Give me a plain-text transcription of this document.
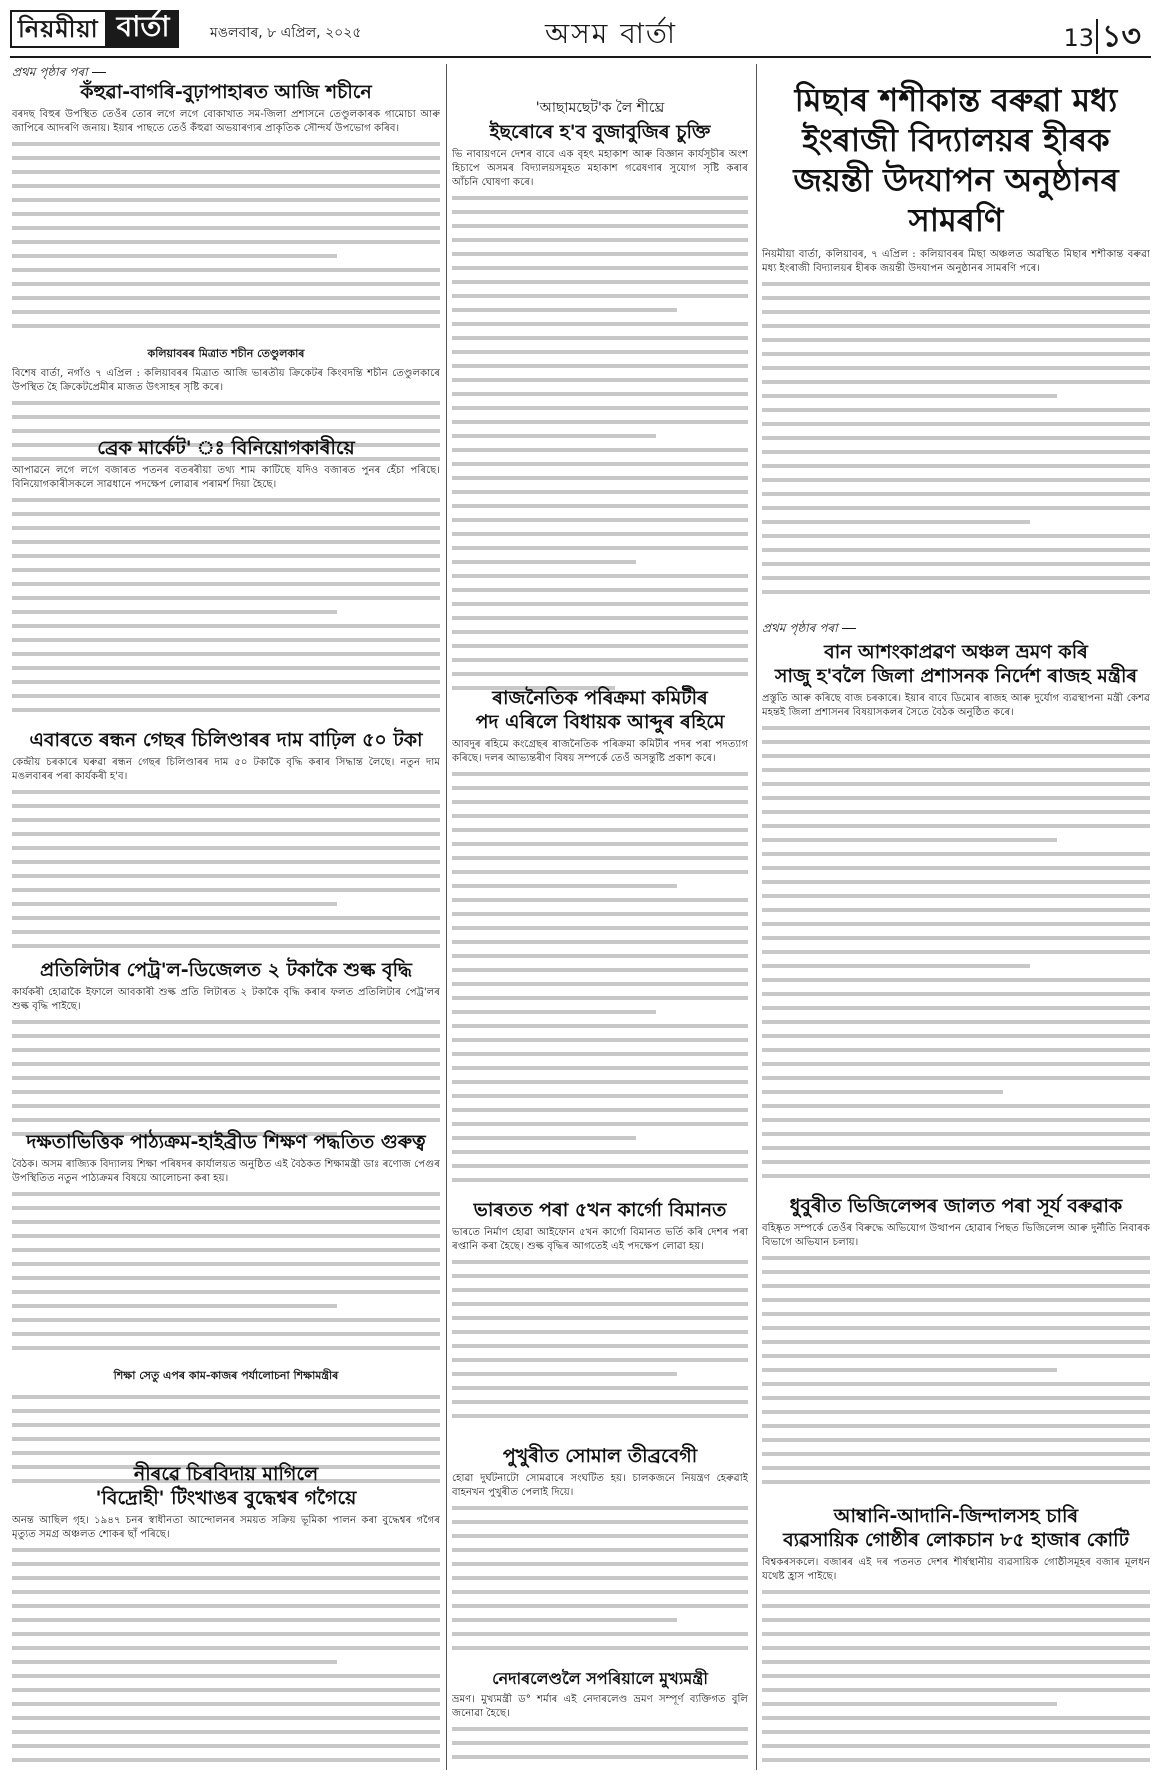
নিয়মীয়া বাৰ্তা	মঙলবাৰ, ৮ এপ্ৰিল, ২০২৫	অসম বাৰ্তা	13 ১৩
প্ৰথম পৃষ্ঠাৰ পৰা
কঁহুৱা-বাগৰি-বুঢ়াপাহাৰত আজি শচীনে
বৰদছ বিহুৰ উপস্থিত তেওঁৰ তোৰ লগে লগে বোকাখাত সম-জিলা প্ৰশাসনে তেণ্ডুলকাৰক গামোচা আৰু জাপিৰে আদৰণি জনায়। ইয়াৰ পাছতে তেওঁ কঁহুৱা অভয়াৰণ্যৰ প্ৰাকৃতিক সৌন্দৰ্য উপভোগ কৰিব।
কলিয়াবৰৰ মিত্ৰাত শচীন তেণ্ডুলকাৰ
বিশেষ বাৰ্তা, নগাঁও ৭ এপ্ৰিল : কলিয়াবৰৰ মিত্ৰাত আজি ভাৰতীয় ক্ৰিকেটৰ কিংবদন্তি শচীন তেণ্ডুলকাৰে উপস্থিত হৈ ক্ৰিকেটপ্ৰেমীৰ মাজত উৎসাহৰ সৃষ্টি কৰে।
ব্ৰেক মাৰ্কেট' ঃ বিনিয়োগকাৰীয়ে
আপাৱনে লগে লগে বজাৰত পতনৰ বতৰৰীয়া তথ্য শাম কাটিছে যদিও বজাৰত পুনৰ হেঁচা পৰিছে। বিনিয়োগকাৰীসকলে সাৱধানে পদক্ষেপ লোৱাৰ পৰামৰ্শ দিয়া হৈছে।
এবাৰতে ৰন্ধন গেছৰ চিলিণ্ডাৰৰ দাম বাঢ়িল ৫০ টকা
কেন্দ্ৰীয় চৰকাৰে ঘৰুৱা ৰন্ধন গেছৰ চিলিণ্ডাৰৰ দাম ৫০ টকাকৈ বৃদ্ধি কৰাৰ সিদ্ধান্ত লৈছে। নতুন দাম মঙলবাৰৰ পৰা কাৰ্যকৰী হ'ব।
প্ৰতিলিটাৰ পেট্ৰ'ল-ডিজেলত ২ টকাকৈ শুল্ক বৃদ্ধি
কাৰ্যকৰী হোৱাকৈ ইফালে আবকাৰী শুল্ক প্ৰতি লিটাৰত ২ টকাকৈ বৃদ্ধি কৰাৰ ফলত প্ৰতিলিটাৰ পেট্ৰ'লৰ শুল্ক বৃদ্ধি পাইছে।
দক্ষতাভিত্তিক পাঠ্যক্ৰম-হাইব্ৰীড শিক্ষণ পদ্ধতিত গুৰুত্ব
বৈঠক। অসম ৰাজ্যিক বিদ্যালয় শিক্ষা পৰিষদৰ কাৰ্যালয়ত অনুষ্ঠিত এই বৈঠকত শিক্ষামন্ত্ৰী ডাঃ ৰণোজ পেগুৰ উপস্থিতিত নতুন পাঠ্যক্ৰমৰ বিষয়ে আলোচনা কৰা হয়।
শিক্ষা সেতু এপৰ কাম-কাজৰ পৰ্যালোচনা শিক্ষামন্ত্ৰীৰ
নীৰৱে চিৰবিদায় মাগিলে
'বিদ্ৰোহী' টিংখাঙৰ বুদ্ধেশ্বৰ গগৈয়ে
অনন্ত আছিল গৃহ। ১৯৪৭ চনৰ স্বাধীনতা আন্দোলনৰ সময়ত সক্ৰিয় ভূমিকা পালন কৰা বুদ্ধেশ্বৰ গগৈৰ মৃত্যুত সমগ্ৰ অঞ্চলত শোকৰ ছাঁ পৰিছে।
'আছামছেট'ক লৈ শীঘ্ৰে
ইছৰোৰে হ'ব বুজাবুজিৰ চুক্তি
ভি নাবায়ণনে দেশৰ বাবে এক বৃহৎ মহাকাশ আৰু বিজ্ঞান কাৰ্যসূচীৰ অংশ হিচাপে অসমৰ বিদ্যালয়সমূহত মহাকাশ গৱেষণাৰ সুযোগ সৃষ্টি কৰাৰ আঁচনি ঘোষণা কৰে।
ৰাজনৈতিক পৰিক্ৰমা কমিটীৰ
পদ এৰিলে বিধায়ক আব্দুৰ ৰহিমে
আবদুৰ ৰহিমে কংগ্ৰেছৰ ৰাজনৈতিক পৰিক্ৰমা কমিটীৰ পদৰ পৰা পদত্যাগ কৰিছে। দলৰ আভ্যন্তৰীণ বিষয় সম্পৰ্কে তেওঁ অসন্তুষ্টি প্ৰকাশ কৰে।
ভাৰতত পৰা ৫খন কাৰ্গো বিমানত
ভাৰতে নিৰ্মাণ হোৱা আইফোন ৫খন কাৰ্গো বিমানত ভৰ্তি কৰি দেশৰ পৰা ৰপ্তানি কৰা হৈছে। শুল্ক বৃদ্ধিৰ আগতেই এই পদক্ষেপ লোৱা হয়।
পুখুৰীত সোমাল তীব্ৰবেগী
হোৱা দুৰ্ঘটনাটো সোমৱাৰে সংঘটিত হয়। চালকজনে নিয়ন্ত্ৰণ হেৰুৱাই বাহনখন পুখুৰীত পেলাই দিয়ে।
নেদাৰলেণ্ডলৈ সপৰিয়ালে মুখ্যমন্ত্ৰী
ভ্ৰমণ। মুখ্যমন্ত্ৰী ড° শৰ্মাৰ এই নেদাৰলেণ্ড ভ্ৰমণ সম্পূৰ্ণ ব্যক্তিগত বুলি জনোৱা হৈছে।
মিছাৰ শশীকান্ত বৰুৱা মধ্য ইংৰাজী বিদ্যালয়ৰ হীৰক জয়ন্তী উদযাপন অনুষ্ঠানৰ সামৰণি
নিয়মীয়া বাৰ্তা, কলিয়াবৰ, ৭ এপ্ৰিল : কলিয়াবৰৰ মিছা অঞ্চলত অৱস্থিত মিছাৰ শশীকান্ত বৰুৱা মধ্য ইংৰাজী বিদ্যালয়ৰ হীৰক জয়ন্তী উদযাপন অনুষ্ঠানৰ সামৰণি পৰে।
প্ৰথম পৃষ্ঠাৰ পৰা
বান আশংকাপ্ৰৱণ অঞ্চল ভ্ৰমণ কৰি
সাজু হ'বলৈ জিলা প্ৰশাসনক নিৰ্দেশ ৰাজহ মন্ত্ৰীৰ
প্ৰস্তুতি আৰু কৰিছে বাজ চৰকাৰে। ইয়াৰ বাবে ডিমোৰ ৰাজহ আৰু দুৰ্যোগ ব্যৱস্থাপনা মন্ত্ৰী কেশৱ মহন্তই জিলা প্ৰশাসনৰ বিষয়াসকলৰ সৈতে বৈঠক অনুষ্ঠিত কৰে।
ধুবুৰীত ভিজিলেন্সৰ জালত পৰা সূৰ্য বৰুৱাক
বহিষ্কৃত সম্পৰ্কে তেওঁৰ বিৰুদ্ধে অভিযোগ উত্থাপন হোৱাৰ পিছত ভিজিলেন্স আৰু দুৰ্নীতি নিবাৰক বিভাগে অভিযান চলায়।
আম্বানি-আদানি-জিন্দালসহ চাৰি
ব্যৱসায়িক গোষ্ঠীৰ লোকচান ৮৫ হাজাৰ কোটি
বিশ্বকৰসকলে। বজাৰৰ এই দৰ পতনত দেশৰ শীৰ্ষস্থানীয় ব্যৱসায়িক গোষ্ঠীসমূহৰ বজাৰ মূলধন যথেষ্ট হ্ৰাস পাইছে।
